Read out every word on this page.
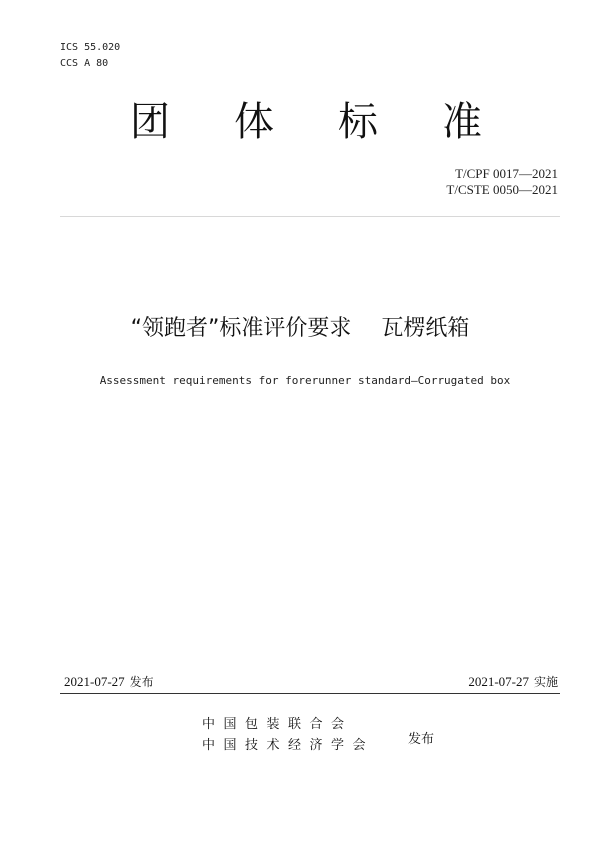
ICS 55.020
CCS A 80
团 体 标 准
T/CPF 0017—2021
T/CSTE 0050—2021
“领跑者”标准评价要求 瓦楞纸箱
Assessment requirements for forerunner standard—Corrugated box
2021-07-27 发布	2021-07-27 实施
中国包装联合会
中国技术经济学会	发布
